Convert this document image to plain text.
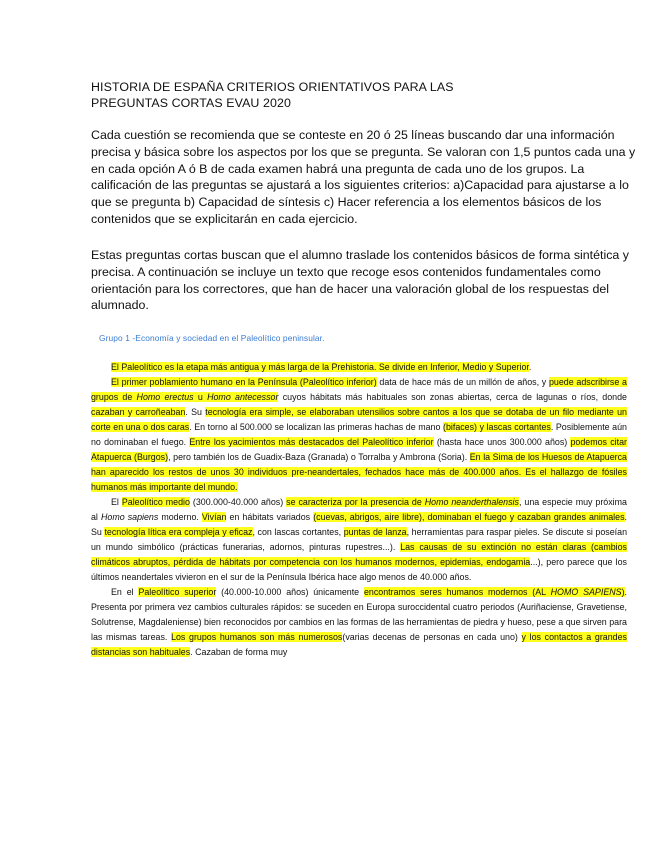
HISTORIA DE ESPAÑA CRITERIOS ORIENTATIVOS PARA LAS
PREGUNTAS CORTAS EVAU 2020
Cada cuestión se recomienda que se conteste en 20 ó 25 líneas buscando dar una información precisa y básica sobre los aspectos por los que se pregunta. Se valoran con 1,5 puntos cada una y en cada opción A ó B de cada examen habrá una pregunta de cada uno de los grupos. La calificación de las preguntas se ajustará a los siguientes criterios: a)Capacidad para ajustarse a lo que se pregunta b) Capacidad de síntesis c) Hacer referencia a los elementos básicos de los contenidos que se explicitarán en cada ejercicio.
Estas preguntas cortas buscan que el alumno traslade los contenidos básicos de forma sintética y precisa. A continuación se incluye un texto que recoge esos contenidos fundamentales como orientación para los correctores, que han de hacer una valoración global de los respuestas del alumnado.
Grupo 1 -Economía y sociedad en el Paleolítico peninsular.

El Paleolítico es la etapa más antigua y más larga de la Prehistoria. Se divide en Inferior, Medio y Superior.

El primer poblamiento humano en la Península (Paleolítico inferior) data de hace más de un millón de años, y puede adscribirse a grupos de Homo erectus u Homo antecessor cuyos hábitats más habituales son zonas abiertas, cerca de lagunas o ríos, donde cazaban y carroñeaban. Su tecnología era simple, se elaboraban utensilios sobre cantos a los que se dotaba de un filo mediante un corte en una o dos caras. En torno al 500.000 se localizan las primeras hachas de mano (bifaces) y lascas cortantes. Posiblemente aún no dominaban el fuego. Entre los yacimientos más destacados del Paleolítico inferior (hasta hace unos 300.000 años) podemos citar Atapuerca (Burgos), pero también los de Guadix-Baza (Granada) o Torralba y Ambrona (Soria). En la Sima de los Huesos de Atapuerca han aparecido los restos de unos 30 individuos pre-neandertales, fechados hace más de 400.000 años. Es el hallazgo de fósiles humanos más importante del mundo.

El Paleolítico medio (300.000-40.000 años) se caracteriza por la presencia de Homo neanderthalensis, una especie muy próxima al Homo sapiens moderno. Vivían en hábitats variados (cuevas, abrigos, aire libre), dominaban el fuego y cazaban grandes animales. Su tecnología lítica era compleja y eficaz, con lascas cortantes, puntas de lanza, herramientas para raspar pieles. Se discute si poseían un mundo simbólico (prácticas funerarias, adornos, pinturas rupestres...). Las causas de su extinción no están claras (cambios climáticos abruptos, pérdida de hábitats por competencia con los humanos modernos, epidemias, endogamia...), pero parece que los últimos neandertales vivieron en el sur de la Península Ibérica hace algo menos de 40.000 años.

En el Paleolítico superior (40.000-10.000 años) únicamente encontramos seres humanos modernos (AL HOMO SAPIENS). Presenta por primera vez cambios culturales rápidos: se suceden en Europa suroccidental cuatro periodos (Auriñaciense, Gravetiense, Solutrense, Magdaleniense) bien reconocidos por cambios en las formas de las herramientas de piedra y hueso, pese a que sirven para las mismas tareas. Los grupos humanos son más numerosos(varias decenas de personas en cada uno) y los contactos a grandes distancias son habituales. Cazaban de forma muy
